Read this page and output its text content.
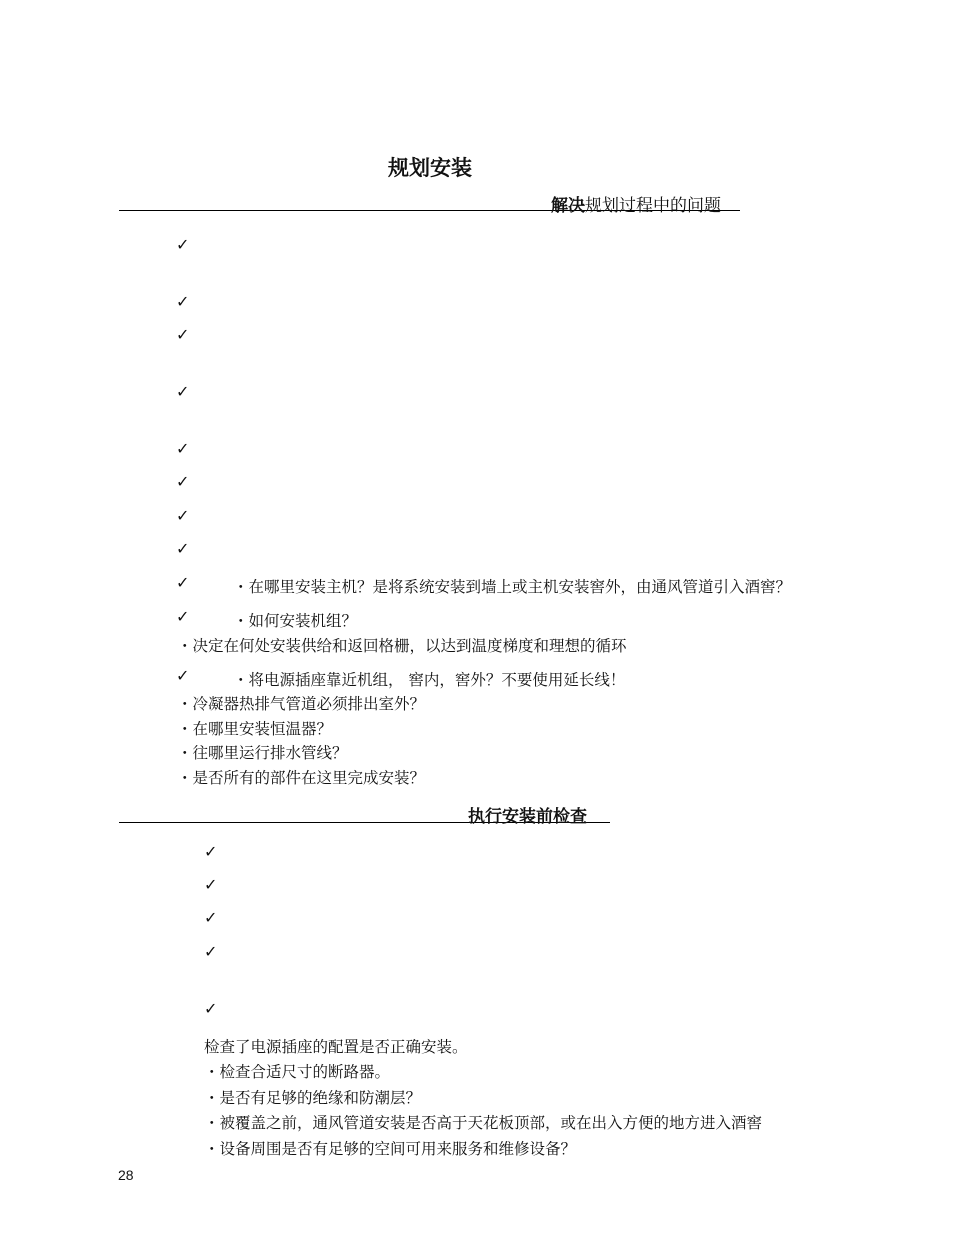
规划安装
解决规划过程中的问题
✓
✓
✓
✓
✓
✓
✓
✓
✓	・在哪里安装主机？是将系统安装到墙上或主机安装窖外，由通风管道引入酒窖？
✓	・如何安装机组？
・决定在何处安装供给和返回格栅，以达到温度梯度和理想的循环
✓	・将电源插座靠近机组， 窖内，窖外？不要使用延长线！
・冷凝器热排气管道必须排出室外？
・在哪里安装恒温器？
・往哪里运行排水管线？
・是否所有的部件在这里完成安装？
执行安装前检查
✓
✓
✓
✓
✓
检查了电源插座的配置是否正确安装。
・检查合适尺寸的断路器。
・是否有足够的绝缘和防潮层？
・被覆盖之前，通风管道安装是否高于天花板顶部，或在出入方便的地方进入酒窖
・设备周围是否有足够的空间可用来服务和维修设备？
28
